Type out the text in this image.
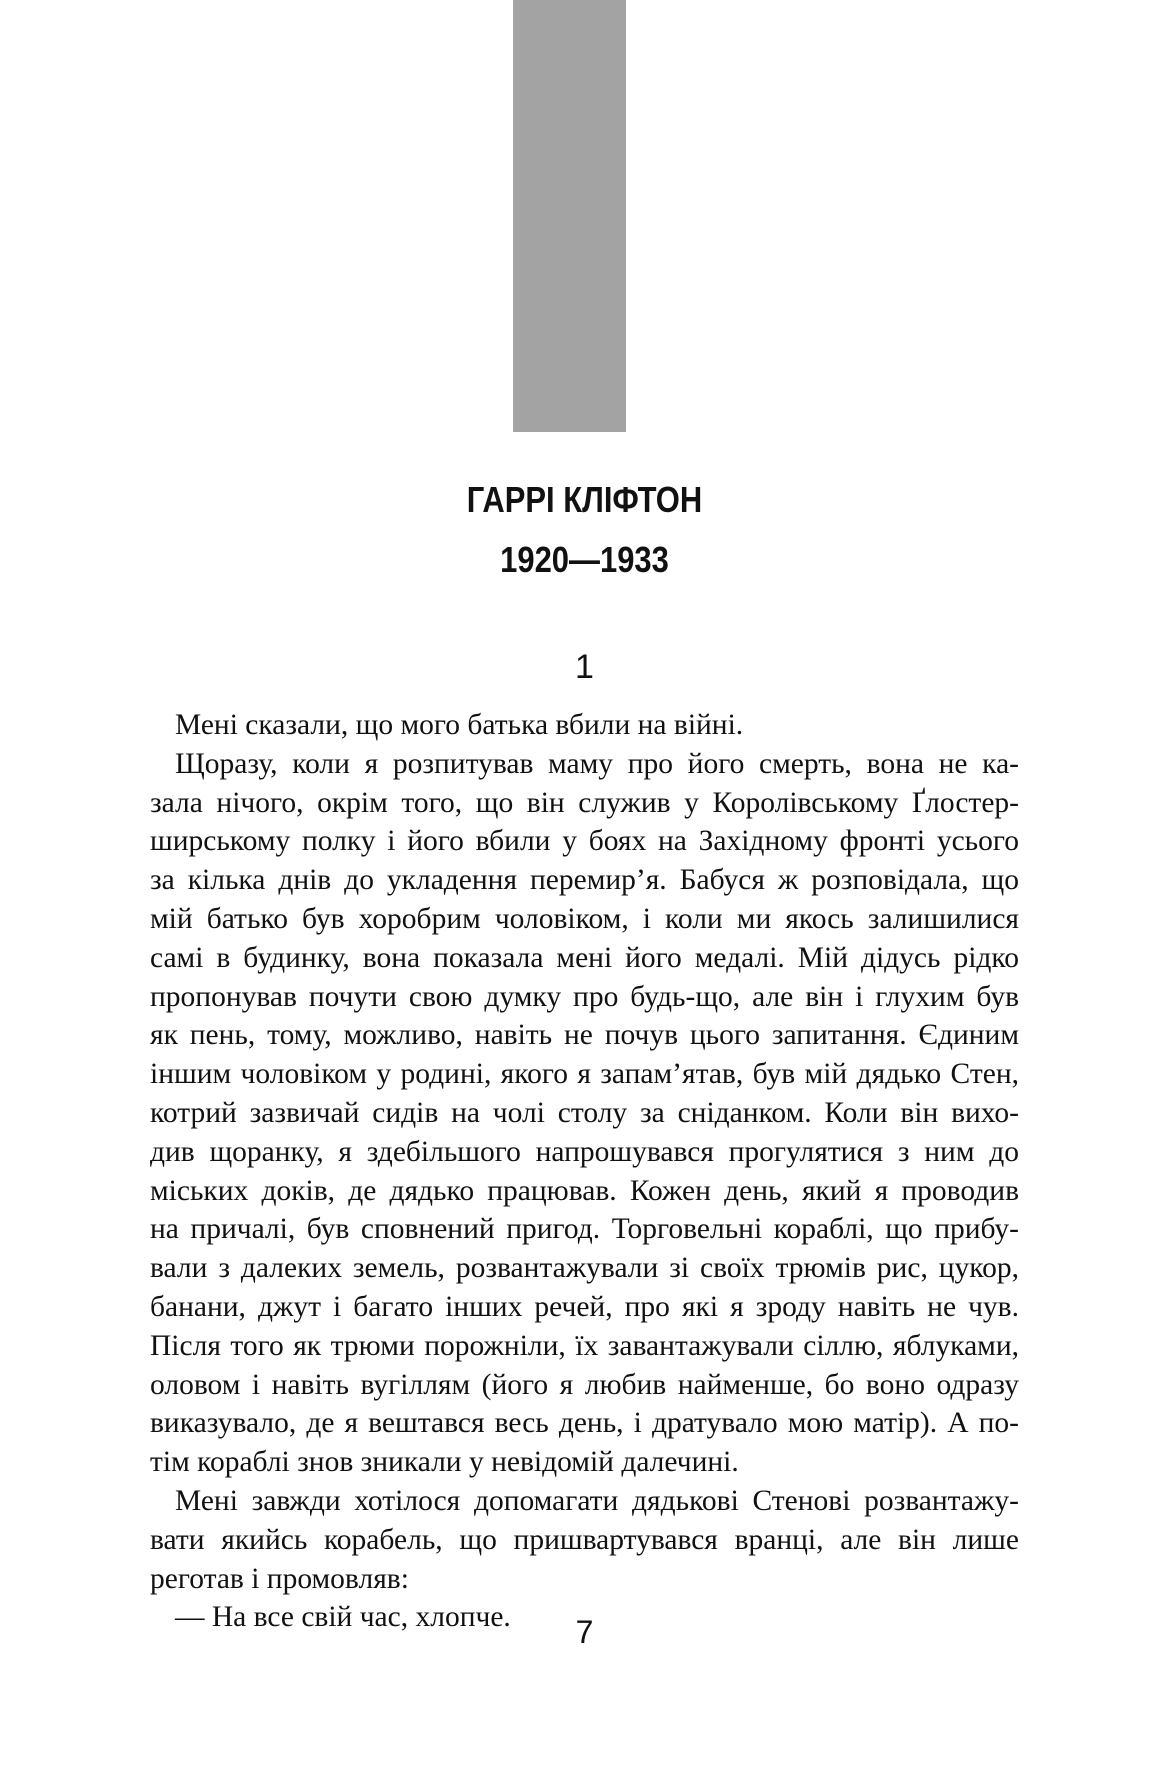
ГАРРІ КЛІФТОН
1920—1933
1
Мені сказали, що мого батька вбили на війні.
Щоразу, коли я розпитував маму про його смерть, вона не ка-
зала нічого, окрім того, що він служив у Королівському Ґлостер-
ширському полку і його вбили у боях на Західному фронті усього
за кілька днів до укладення перемир’я. Бабуся ж розповідала, що
мій батько був хоробрим чоловіком, і коли ми якось залишилися
самі в будинку, вона показала мені його медалі. Мій дідусь рідко
пропонував почути свою думку про будь-що, але він і глухим був
як пень, тому, можливо, навіть не почув цього запитання. Єдиним
іншим чоловіком у родині, якого я запам’ятав, був мій дядько Стен,
котрий зазвичай сидів на чолі столу за сніданком. Коли він вихо-
див щоранку, я здебільшого напрошувався прогулятися з ним до
міських доків, де дядько працював. Кожен день, який я проводив
на причалі, був сповнений пригод. Торговельні кораблі, що прибу-
вали з далеких земель, розвантажували зі своїх трюмів рис, цукор,
банани, джут і багато інших речей, про які я зроду навіть не чув.
Після того як трюми порожніли, їх завантажували сіллю, яблуками,
оловом і навіть вугіллям (його я любив найменше, бо воно одразу
виказувало, де я вештався весь день, і дратувало мою матір). А по-
тім кораблі знов зникали у невідомій далечині.
Мені завжди хотілося допомагати дядькові Стенові розвантажу-
вати якийсь корабель, що пришвартувався вранці, але він лише
реготав і промовляв:
— На все свій час, хлопче.	7
